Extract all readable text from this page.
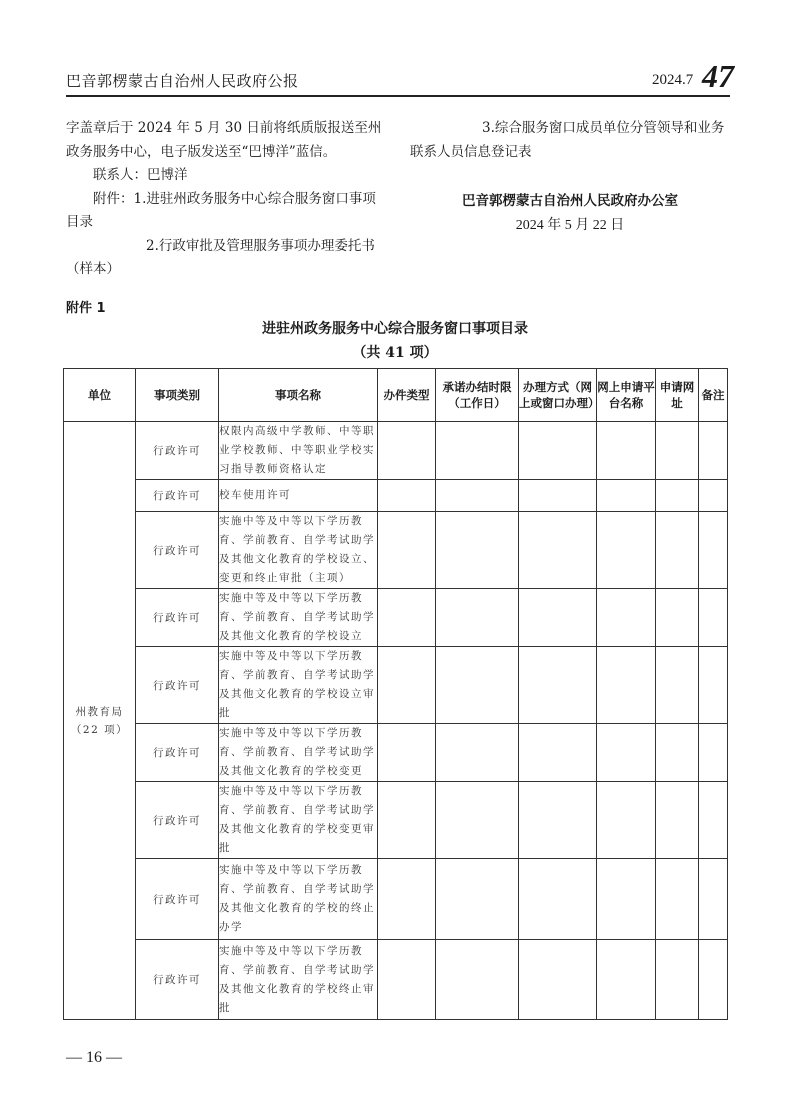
巴音郭楞蒙古自治州人民政府公报	2024.7 47

字盖章后于 2024 年 5 月 30 日前将纸质版报送至州政务服务中心，电子版发送至“巴博洋”蓝信。

联系人：巴博洋

附件：1.进驻州政务服务中心综合服务窗口事项目录

2.行政审批及管理服务事项办理委托书（样本）

3.综合服务窗口成员单位分管领导和业务联系人员信息登记表

巴音郭楞蒙古自治州人民政府办公室
2024 年 5 月 22 日
附件 1
进驻州政务服务中心综合服务窗口事项目录
（共 41 项）
单位	事项类别	事项名称	办件类型	承诺办结时限（工作日）	办理方式（网上或窗口办理）	网上申请平台名称	申请网址	备注
州教育局（22 项）	行政许可	权限内高级中学教师、中等职业学校教师、中等职业学校实习指导教师资格认定						
	行政许可	校车使用许可						
	行政许可	实施中等及中等以下学历教育、学前教育、自学考试助学及其他文化教育的学校设立、变更和终止审批（主项）						
	行政许可	实施中等及中等以下学历教育、学前教育、自学考试助学及其他文化教育的学校设立						
	行政许可	实施中等及中等以下学历教育、学前教育、自学考试助学及其他文化教育的学校设立审批						
	行政许可	实施中等及中等以下学历教育、学前教育、自学考试助学及其他文化教育的学校变更						
	行政许可	实施中等及中等以下学历教育、学前教育、自学考试助学及其他文化教育的学校变更审批						
	行政许可	实施中等及中等以下学历教育、学前教育、自学考试助学及其他文化教育的学校的终止办学						
	行政许可	实施中等及中等以下学历教育、学前教育、自学考试助学及其他文化教育的学校终止审批						
— 16 —
